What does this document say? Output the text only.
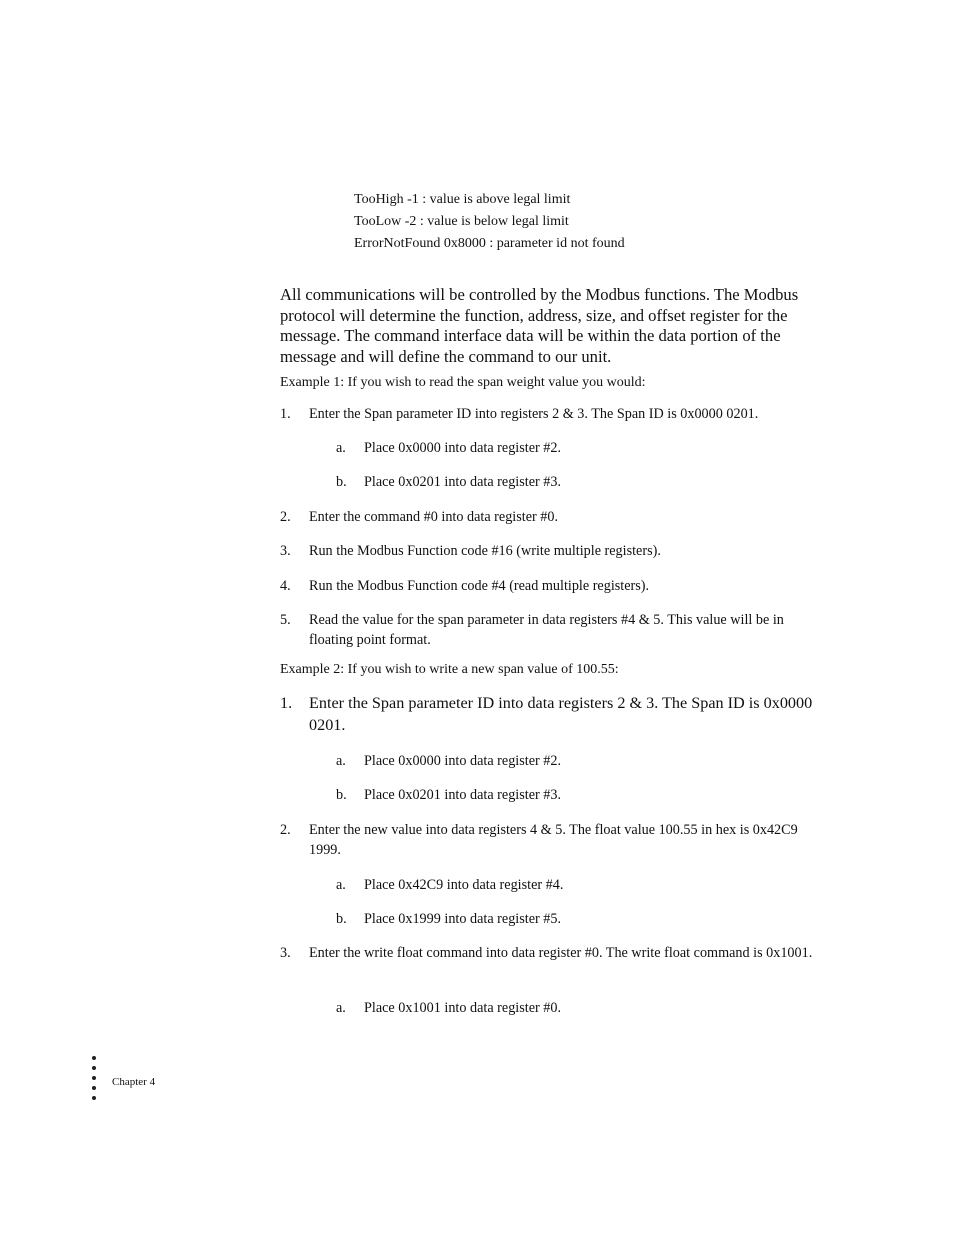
TooHigh -1 : value is above legal limit
TooLow -2 : value is below legal limit
ErrorNotFound 0x8000 : parameter id not found
All communications will be controlled by the Modbus functions. The Modbus protocol will determine the function, address, size, and offset register for the message. The command interface data will be within the data portion of the message and will define the command to our unit.
Example 1: If you wish to read the span weight value you would:
1. Enter the Span parameter ID into registers 2 & 3. The Span ID is 0x0000 0201.
a. Place 0x0000 into data register #2.
b. Place 0x0201 into data register #3.
2. Enter the command #0 into data register #0.
3. Run the Modbus Function code #16 (write multiple registers).
4. Run the Modbus Function code #4 (read multiple registers).
5. Read the value for the span parameter in data registers #4 & 5. This value will be in floating point format.
Example 2: If you wish to write a new span value of 100.55:
1. Enter the Span parameter ID into data registers 2 & 3. The Span ID is 0x0000 0201.
a. Place 0x0000 into data register #2.
b. Place 0x0201 into data register #3.
2. Enter the new value into data registers 4 & 5. The float value 100.55 in hex is 0x42C9 1999.
a. Place 0x42C9 into data register #4.
b. Place 0x1999 into data register #5.
3. Enter the write float command into data register #0. The write float command is 0x1001.
a. Place 0x1001 into data register #0.
Chapter 4
